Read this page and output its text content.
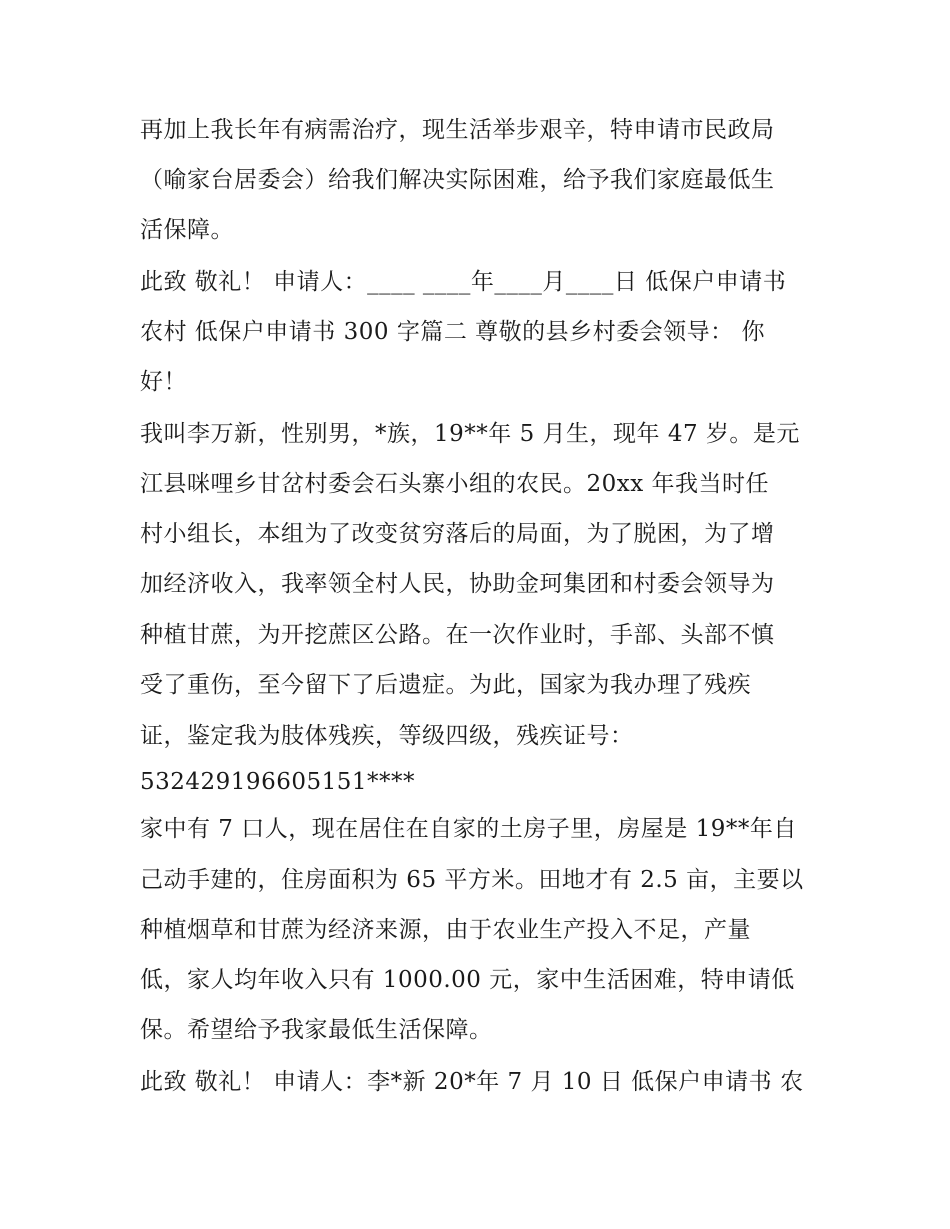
再加上我长年有病需治疗，现生活举步艰辛，特申请市民政局
（喻家台居委会）给我们解决实际困难，给予我们家庭最低生
活保障。
此致 敬礼！ 申请人：____ ____年____月____日 低保户申请书
农村 低保户申请书 300 字篇二 尊敬的县乡村委会领导： 你
好！
我叫李万新，性别男，*族，19**年 5 月生，现年 47 岁。是元
江县咪哩乡甘岔村委会石头寨小组的农民。20xx 年我当时任
村小组长，本组为了改变贫穷落后的局面，为了脱困，为了增
加经济收入，我率领全村人民，协助金珂集团和村委会领导为
种植甘蔗，为开挖蔗区公路。在一次作业时，手部、头部不慎
受了重伤，至今留下了后遗症。为此，国家为我办理了残疾
证，鉴定我为肢体残疾，等级四级，残疾证号：
532429196605151****
家中有 7 口人，现在居住在自家的土房子里，房屋是 19**年自
己动手建的，住房面积为 65 平方米。田地才有 2.5 亩，主要以
种植烟草和甘蔗为经济来源，由于农业生产投入不足，产量
低，家人均年收入只有 1000.00 元，家中生活困难，特申请低
保。希望给予我家最低生活保障。
此致 敬礼！ 申请人：李*新 20*年 7 月 10 日 低保户申请书 农
